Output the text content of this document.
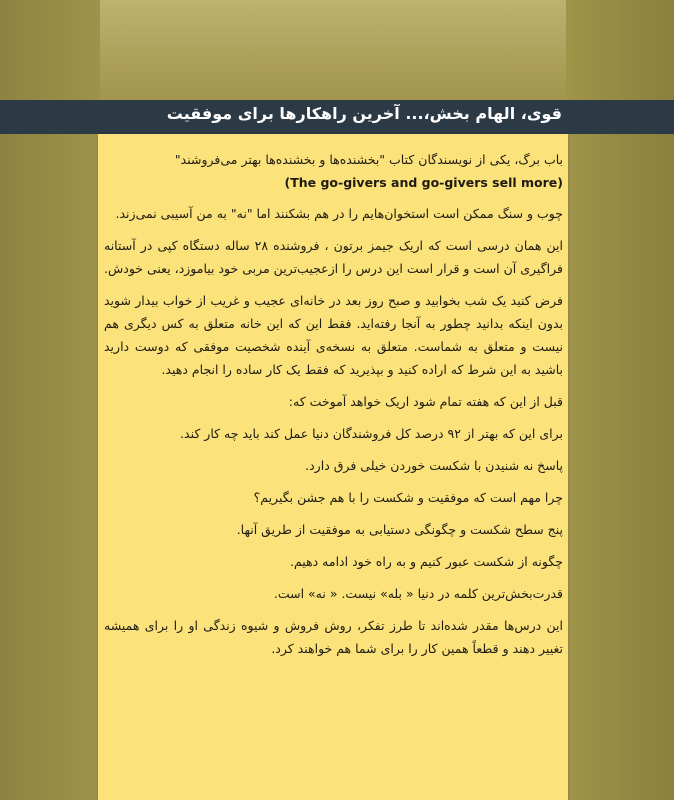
قوی، الهام بخش،... آخرین راهکارها برای موفقیت

باب برگ، یکی از نویسندگان کتاب "بخشنده‌ها و بخشنده‌ها بهتر می‌فروشند"
(The go-givers and go-givers sell more)

چوب و سنگ ممکن است استخوان‌هایم را در هم بشکنند اما "نه" به من آسیبی نمی‌زند.

این همان درسی است که اریک جیمز برتون ، فروشنده ۲۸ ساله دستگاه کپی در آستانه فراگیری آن است و قرار است این درس را ازعجیب‌ترین مربی خود بیاموزد، یعنی خودش.

فرض کنید یک شب بخوابید و صبح روز بعد در خانه‌ای عجیب و غریب از خواب بیدار شوید بدون اینکه بدانید چطور به آنجا رفته‌اید. فقط این که این خانه متعلق به کس دیگری هم نیست و متعلق به شماست. متعلق به نسخه‌ی آینده شخصیت موفقی که دوست دارید باشید به این شرط که اراده کنید و بپذیرید که فقط یک کار ساده را انجام دهید.

قبل از این که هفته تمام شود اریک خواهد آموخت که:

برای این که بهتر از ۹۲ درصد کل فروشندگان دنیا عمل کند باید چه کار کند.

پاسخ نه شنیدن با شکست خوردن خیلی فرق دارد.

چرا مهم است که موفقیت و شکست را با هم جشن بگیریم؟

پنج سطح شکست و چگونگی دستیابی به موفقیت از طریق آنها.

چگونه از شکست عبور کنیم و به راه خود ادامه دهیم.

قدرت‌بخش‌ترین کلمه در دنیا « بله» نیست. « نه» است.

این درس‌ها مقدر شده‌اند تا طرز تفکر، روش فروش و شیوه زندگی او را برای همیشه تغییر دهند و قطعاً همین کار را برای شما هم خواهند کرد.
